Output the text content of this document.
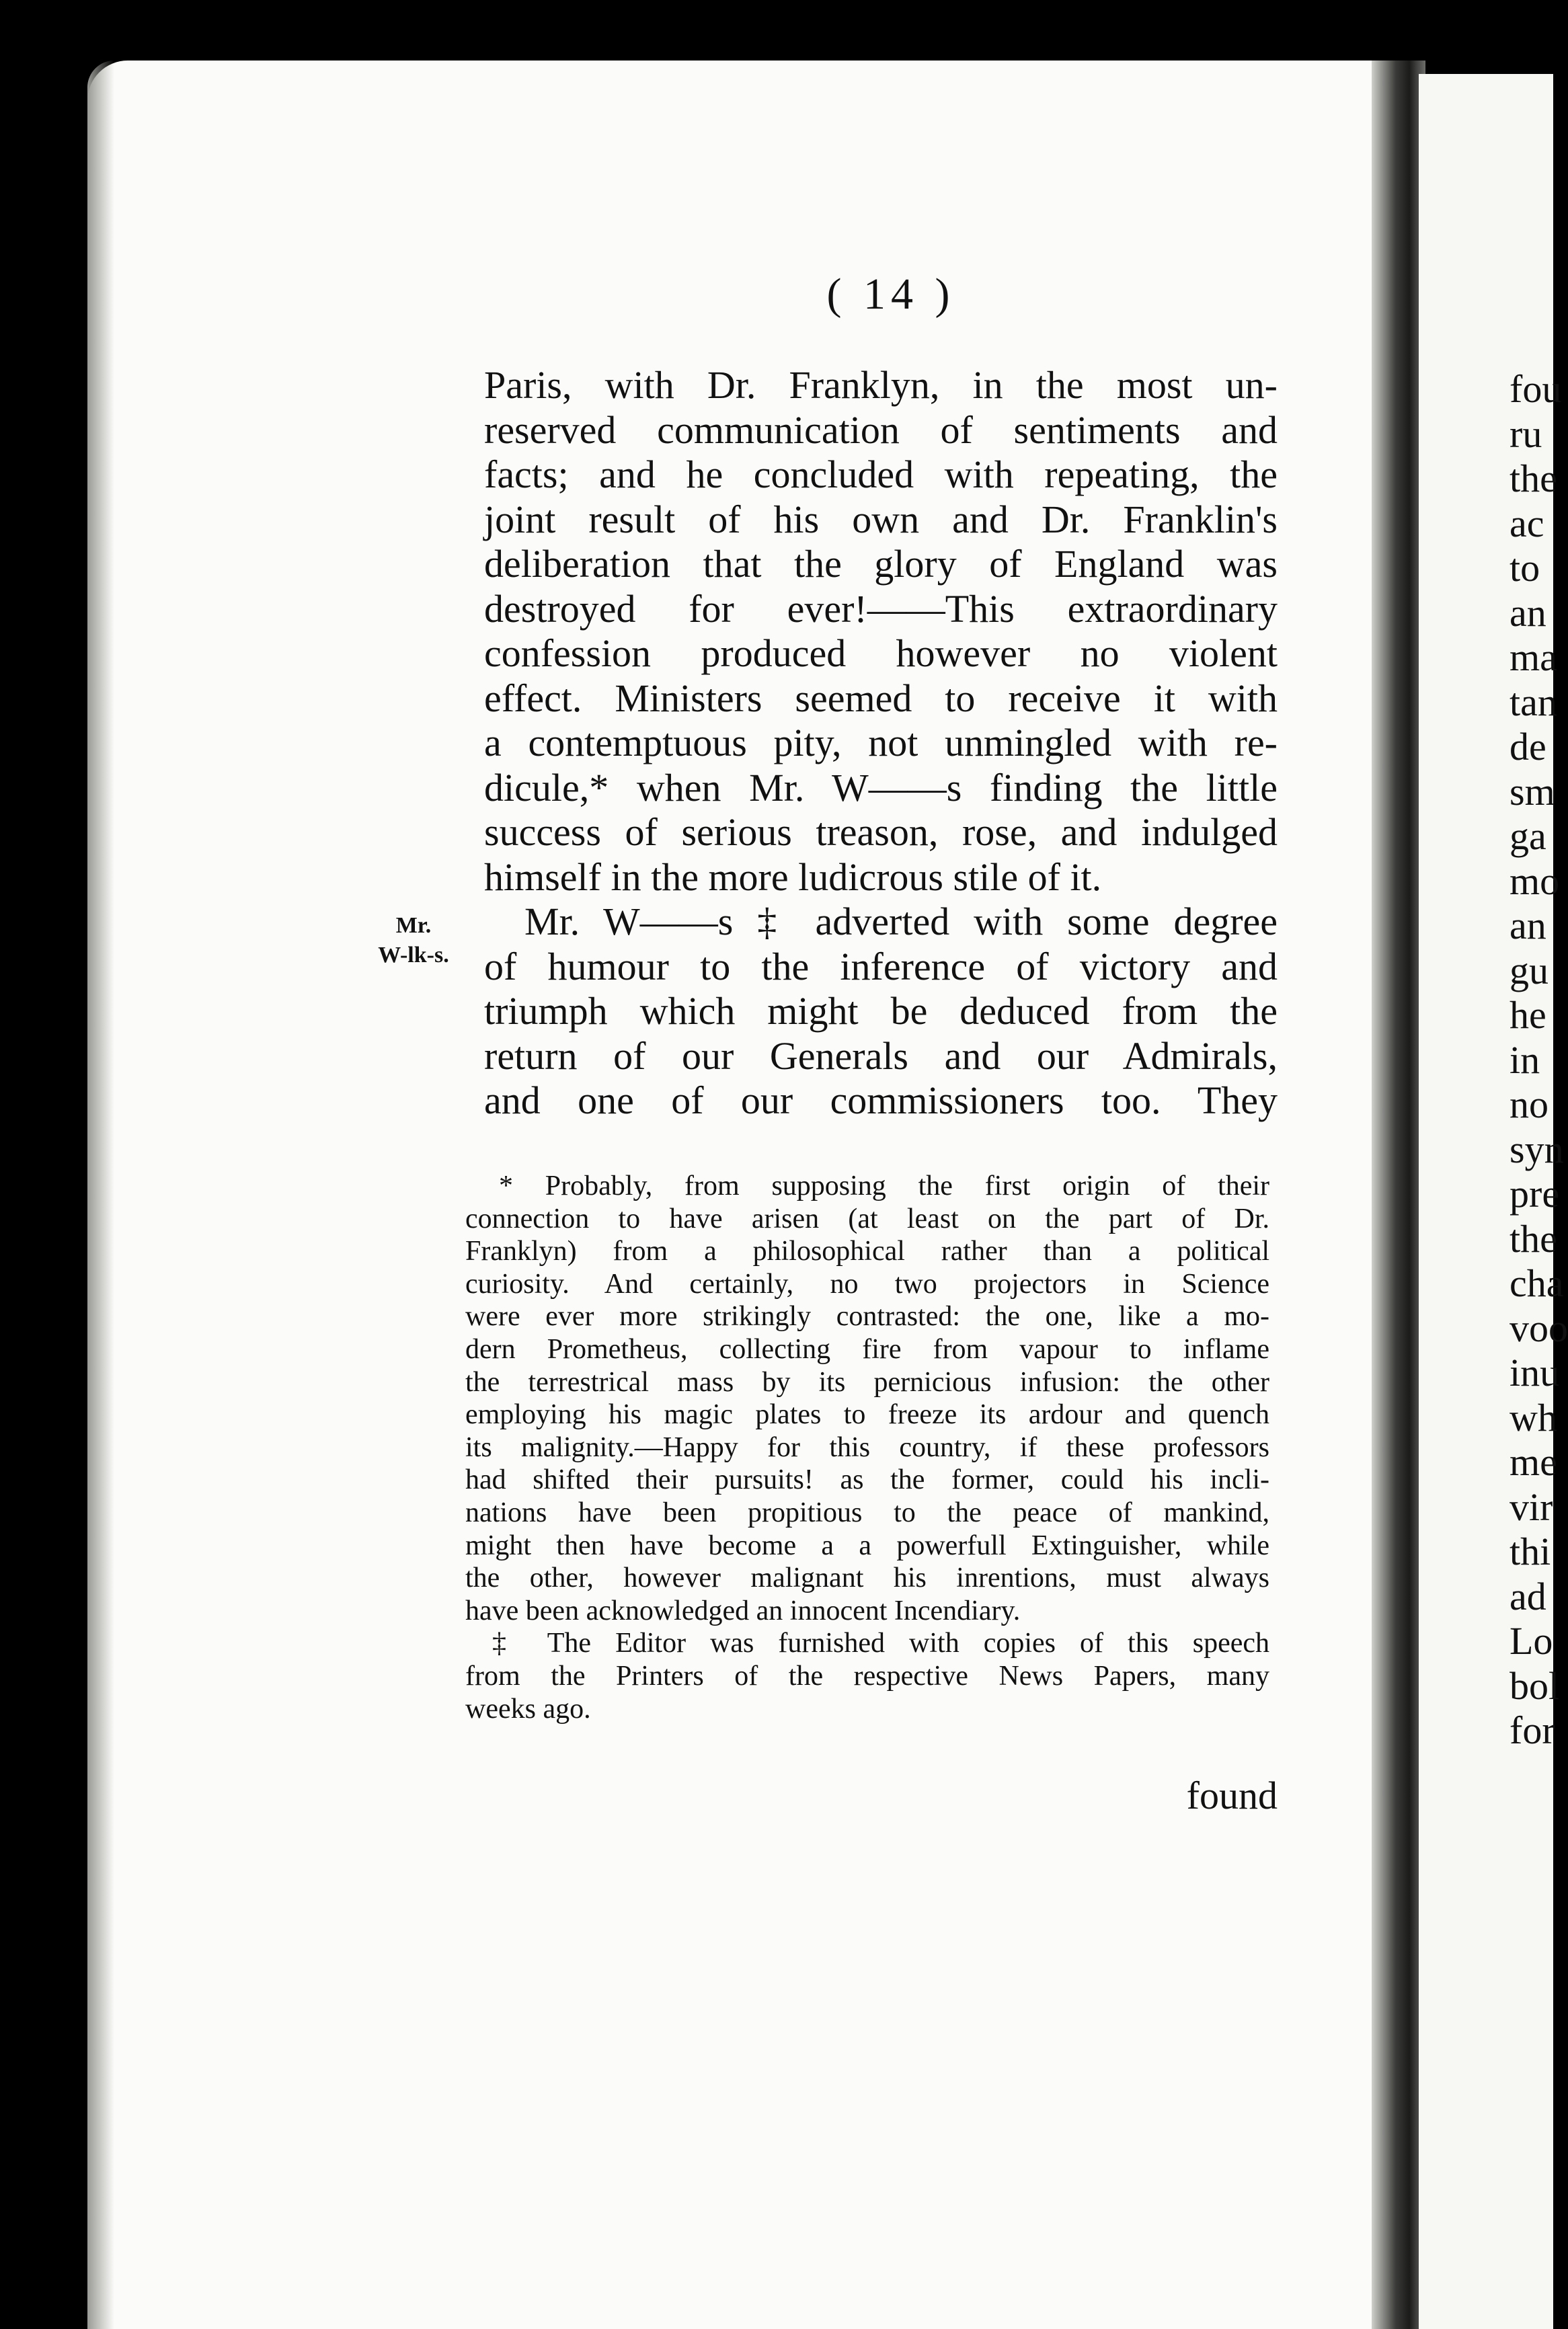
fou
ru
the
ac
to
an
ma
tan
de
sm
ga
mo
an
gu
he
in
no
syn
pre
the
cha
voo
inu
wh
me
vir
thi
ad
Lo
bol
for
( 14 )
Mr.
W-lk-s.
Paris, with Dr. Franklyn, in the most un-
reserved communication of sentiments and
facts; and he concluded with repeating, the
joint result of his own and Dr. Franklin's
deliberation that the glory of England was
destroyed for ever!——This extraordinary
confession produced however no violent
effect. Ministers seemed to receive it with
a contemptuous pity, not unmingled with re-
dicule,* when Mr. W——s finding the little
success of serious treason, rose, and indulged
himself in the more ludicrous stile of it.
Mr. W——s ‡ adverted with some degree
of humour to the inference of victory and
triumph which might be deduced from the
return of our Generals and our Admirals,
and one of our commissioners too. They
* Probably, from supposing the first origin of their
connection to have arisen (at least on the part of Dr.
Franklyn) from a philosophical rather than a political
curiosity. And certainly, no two projectors in Science
were ever more strikingly contrasted: the one, like a mo-
dern Prometheus, collecting fire from vapour to inflame
the terrestrical mass by its pernicious infusion: the other
employing his magic plates to freeze its ardour and quench
its malignity.—Happy for this country, if these professors
had shifted their pursuits! as the former, could his incli-
nations have been propitious to the peace of mankind,
might then have become a a powerfull Extinguisher, while
the other, however malignant his inrentions, must always
have been acknowledged an innocent Incendiary.
‡ The Editor was furnished with copies of this speech
from the Printers of the respective News Papers, many
weeks ago.
found
